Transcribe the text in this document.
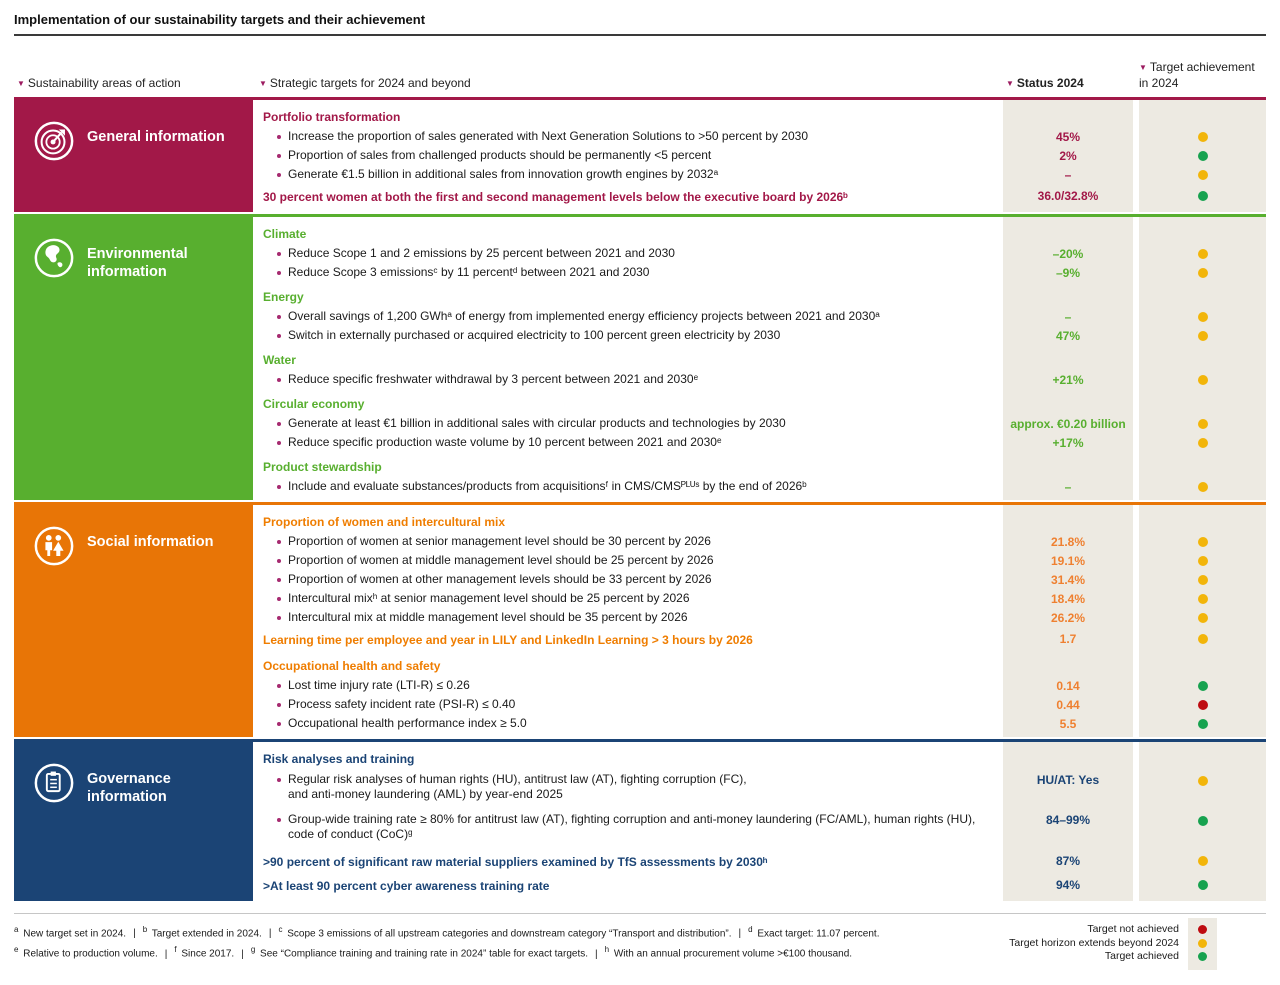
Implementation of our sustainability targets and their achievement
▼ Sustainability areas of action	▼ Strategic targets for 2024 and beyond	▼ Status 2024
▼ Target achievement
in 2024
General information
Portfolio transformation
Increase the proportion of sales generated with Next Generation Solutions to >50 percent by 2030
Proportion of sales from challenged products should be permanently <5 percent
Generate €1.5 billion in additional sales from innovation growth engines by 2032ᵃ
30 percent women at both the first and second management levels below the executive board by 2026ᵇ
45%
2%
–
36.0/32.8%
Environmental information
Climate
Reduce Scope 1 and 2 emissions by 25 percent between 2021 and 2030
Reduce Scope 3 emissionsᶜ by 11 percentᵈ between 2021 and 2030
Energy
Overall savings of 1,200 GWhᵃ of energy from implemented energy efficiency projects between 2021 and 2030ᵃ
Switch in externally purchased or acquired electricity to 100 percent green electricity by 2030
Water
Reduce specific freshwater withdrawal by 3 percent between 2021 and 2030ᵉ
Circular economy
Generate at least €1 billion in additional sales with circular products and technologies by 2030
Reduce specific production waste volume by 10 percent between 2021 and 2030ᵉ
Product stewardship
Include and evaluate substances/products from acquisitionsᶠ in CMS/CMSᴾᴸᵁˢ by the end of 2026ᵇ
–20%
–9%
–
47%
+21%
approx. €0.20 billion
+17%
–
Social information
Proportion of women and intercultural mix
Proportion of women at senior management level should be 30 percent by 2026
Proportion of women at middle management level should be 25 percent by 2026
Proportion of women at other management levels should be 33 percent by 2026
Intercultural mixʰ at senior management level should be 25 percent by 2026
Intercultural mix at middle management level should be 35 percent by 2026
Learning time per employee and year in LILY and LinkedIn Learning > 3 hours by 2026
Occupational health and safety
Lost time injury rate (LTI-R) ≤ 0.26
Process safety incident rate (PSI-R) ≤ 0.40
Occupational health performance index ≥ 5.0
21.8%
19.1%
31.4%
18.4%
26.2%
1.7
0.14
0.44
5.5
Governance information
Risk analyses and training
Regular risk analyses of human rights (HU), antitrust law (AT), fighting corruption (FC),
and anti-money laundering (AML) by year-end 2025
Group-wide training rate ≥ 80% for antitrust law (AT), fighting corruption and anti-money laundering (FC/AML), human rights (HU),
code of conduct (CoC)ᵍ
>90 percent of significant raw material suppliers examined by TfS assessments by 2030ʰ
>At least 90 percent cyber awareness training rate
HU/AT: Yes
84–99%
87%
94%
$^a$ New target set in 2024. | $^b$ Target extended in 2024. | $^c$ Scope 3 emissions of all upstream categories and downstream category “Transport and distribution”. | $^d$ Exact target: 11.07 percent.
$^e$ Relative to production volume. | $^f$ Since 2017. | $^g$ See “Compliance training and training rate in 2024” table for exact targets. | $^h$ With an annual procurement volume >€100 thousand.
Target not achieved
Target horizon extends beyond 2024
Target achieved
